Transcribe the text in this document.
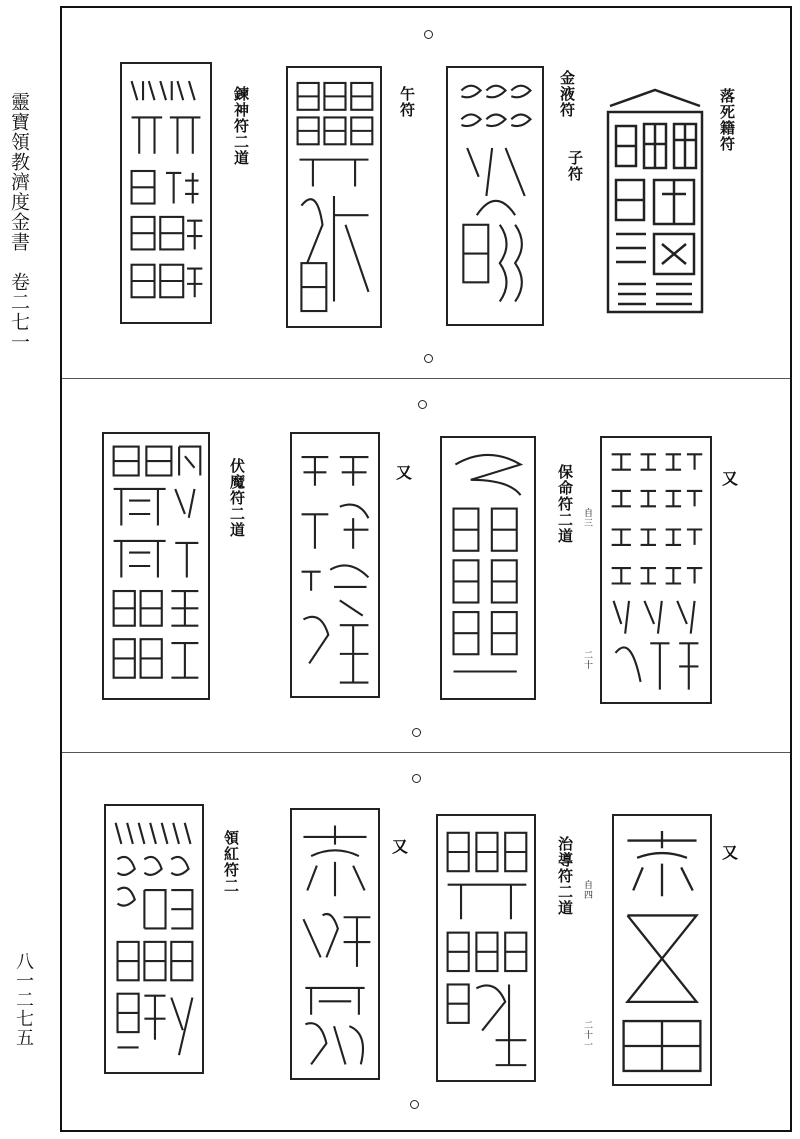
靈寶領教濟度金書　卷二七一
八一二七五
落死籍符
金液符
子符
午符
鍊神符二道
又
保命符二道 自三
二十
又
伏魔符二道
又
治導符二道 自四
二十一
又
領紅符二
